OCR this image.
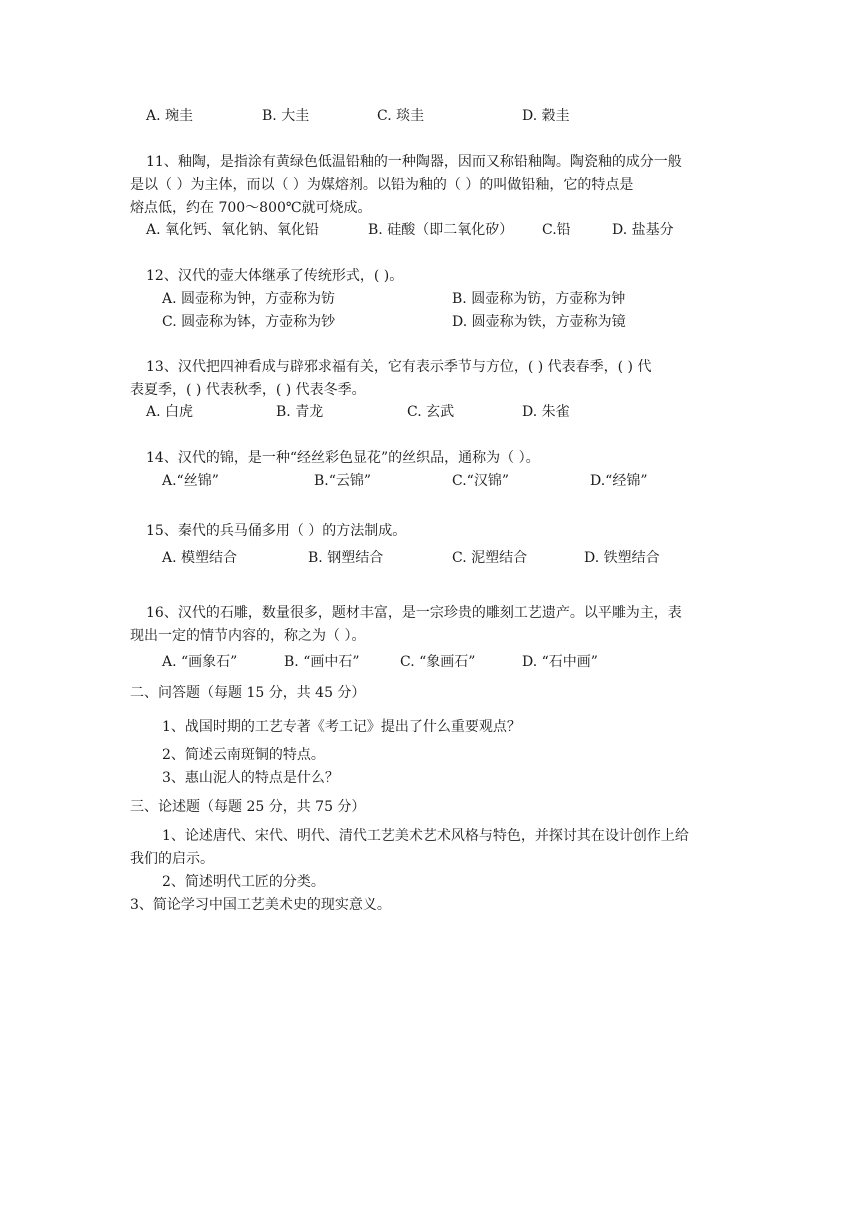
A. 琬圭	B. 大圭	C. 琰圭	D. 穀圭
11、釉陶，是指涂有黄绿色低温铅釉的一种陶器，因而又称铅釉陶。陶瓷釉的成分一般
是以（ ）为主体，而以（ ）为媒熔剂。以铅为釉的（ ）的叫做铅釉，它的特点是
熔点低，约在 700～800℃就可烧成。
A. 氧化钙、氧化钠、氧化铅	B. 硅酸（即二氧化矽） C.铅	D. 盐基分
12、汉代的壶大体继承了传统形式，( )。
A. 圆壶称为钟，方壶称为钫	B. 圆壶称为钫，方壶称为钟
C. 圆壶称为钵，方壶称为钞	D. 圆壶称为铁，方壶称为镜
13、汉代把四神看成与辟邪求福有关，它有表示季节与方位，( ) 代表春季，( ) 代
表夏季，( ) 代表秋季，( ) 代表冬季。
A. 白虎	B. 青龙	C. 玄武	D. 朱雀
14、汉代的锦，是一种“经丝彩色显花”的丝织品，通称为（ ）。
A.“丝锦”	B.“云锦”	C.“汉锦”	D.“经锦”
15、秦代的兵马俑多用（ ）的方法制成。
A. 模塑结合	B. 钢塑结合	C. 泥塑结合	D. 铁塑结合
16、汉代的石雕，数量很多，题材丰富，是一宗珍贵的雕刻工艺遗产。以平雕为主，表
现出一定的情节内容的，称之为（ ）。
A. “画象石”	B. “画中石”	C. “象画石”	D. “石中画”
二、问答题（每题 15 分，共 45 分）
1、战国时期的工艺专著《考工记》提出了什么重要观点？
2、简述云南斑铜的特点。
3、惠山泥人的特点是什么？
三、论述题（每题 25 分，共 75 分）
1、论述唐代、宋代、明代、清代工艺美术艺术风格与特色，并探讨其在设计创作上给
我们的启示。
2、简述明代工匠的分类。
3、简论学习中国工艺美术史的现实意义。
